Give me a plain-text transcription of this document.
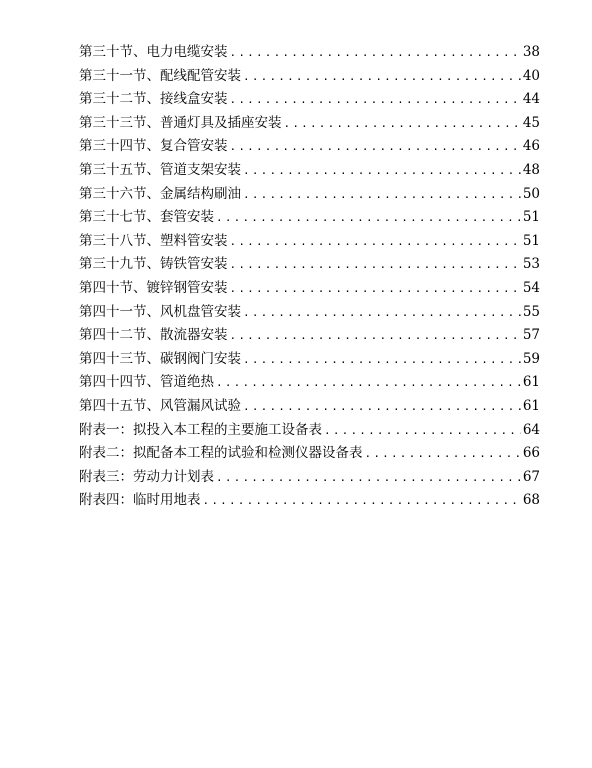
第三十节、电力电缆安装 .....	38
第三十一节、配线配管安装 .....	40
第三十二节、接线盒安装 .....	44
第三十三节、普通灯具及插座安装 .....	45
第三十四节、复合管安装 .....	46
第三十五节、管道支架安装 .....	48
第三十六节、金属结构刷油 .....	50
第三十七节、套管安装 .....	51
第三十八节、塑料管安装 .....	51
第三十九节、铸铁管安装 .....	53
第四十节、镀锌钢管安装 .....	54
第四十一节、风机盘管安装 .....	55
第四十二节、散流器安装 .....	57
第四十三节、碳钢阀门安装 .....	59
第四十四节、管道绝热 .....	61
第四十五节、风管漏风试验 .....	61
附表一：拟投入本工程的主要施工设备表 .....	64
附表二：拟配备本工程的试验和检测仪器设备表 .....	66
附表三：劳动力计划表 .....	67
附表四：临时用地表 .....	68
